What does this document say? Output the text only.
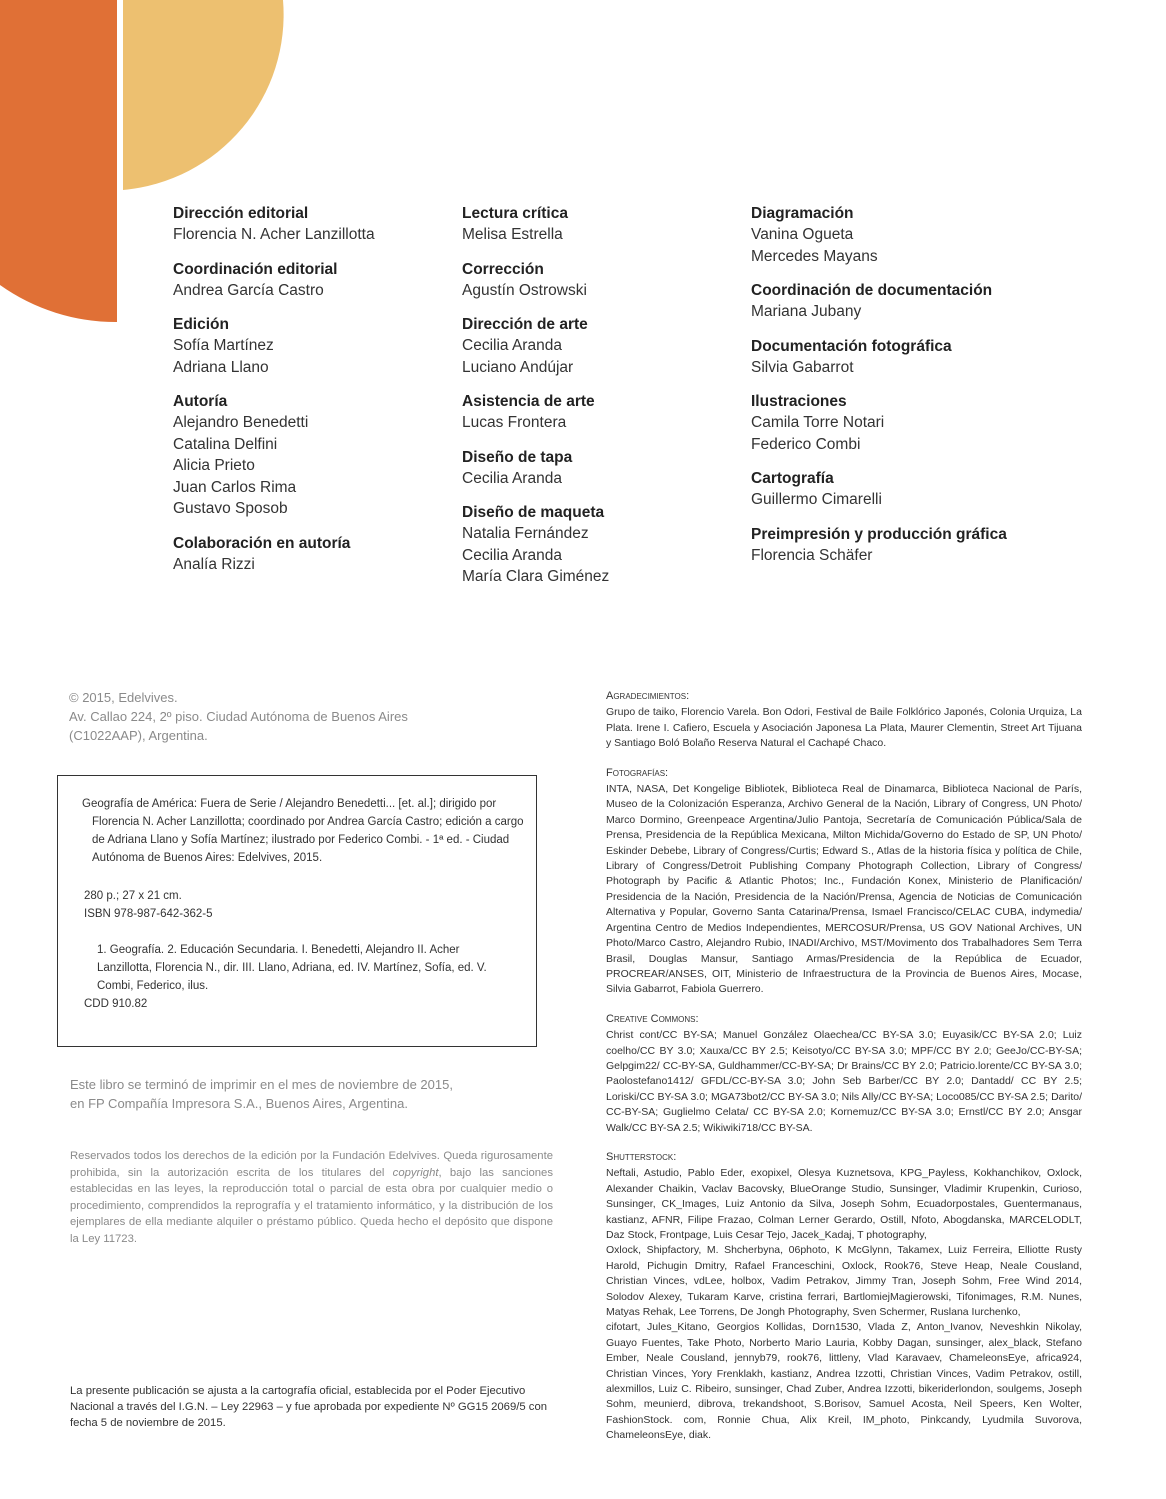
Dirección editorial
Florencia N. Acher Lanzillotta
Coordinación editorial
Andrea García Castro
Edición
Sofía Martínez
Adriana Llano
Autoría
Alejandro Benedetti
Catalina Delfini
Alicia Prieto
Juan Carlos Rima
Gustavo Sposob
Colaboración en autoría
Analía Rizzi
Lectura crítica
Melisa Estrella
Corrección
Agustín Ostrowski
Dirección de arte
Cecilia Aranda
Luciano Andújar
Asistencia de arte
Lucas Frontera
Diseño de tapa
Cecilia Aranda
Diseño de maqueta
Natalia Fernández
Cecilia Aranda
María Clara Giménez
Diagramación
Vanina Ogueta
Mercedes Mayans
Coordinación de documentación
Mariana Jubany
Documentación fotográfica
Silvia Gabarrot
Ilustraciones
Camila Torre Notari
Federico Combi
Cartografía
Guillermo Cimarelli
Preimpresión y producción gráfica
Florencia Schäfer
© 2015, Edelvives.
Av. Callao 224, 2º piso. Ciudad Autónoma de Buenos Aires
(C1022AAP), Argentina.
Geografía de América: Fuera de Serie / Alejandro Benedetti... [et. al.]; dirigido por Florencia N. Acher Lanzillotta; coordinado por Andrea García Castro; edición a cargo de Adriana Llano y Sofía Martínez; ilustrado por Federico Combi. - 1ª ed. - Ciudad Autónoma de Buenos Aires: Edelvives, 2015.
280 p.; 27 x 21 cm.
ISBN 978-987-642-362-5
1. Geografía. 2. Educación Secundaria. I. Benedetti, Alejandro II. Acher Lanzillotta, Florencia N., dir. III. Llano, Adriana, ed. IV. Martínez, Sofía, ed. V. Combi, Federico, ilus.
CDD 910.82
Este libro se terminó de imprimir en el mes de noviembre de 2015,
en FP Compañía Impresora S.A., Buenos Aires, Argentina.
Reservados todos los derechos de la edición por la Fundación Edelvives. Queda rigurosamente prohibida, sin la autorización escrita de los titulares del copyright, bajo las sanciones establecidas en las leyes, la reproducción total o parcial de esta obra por cualquier medio o procedimiento, comprendidos la reprografía y el tratamiento informático, y la distribución de los ejemplares de ella mediante alquiler o préstamo público. Queda hecho el depósito que dispone la Ley 11723.
La presente publicación se ajusta a la cartografía oficial, establecida por el Poder Ejecutivo Nacional a través del I.G.N. – Ley 22963 – y fue aprobada por expediente Nº GG15 2069/5 con fecha 5 de noviembre de 2015.
Agradecimientos:
Grupo de taiko, Florencio Varela. Bon Odori, Festival de Baile Folklórico Japonés, Colonia Urquiza, La Plata. Irene I. Cafiero, Escuela y Asociación Japonesa La Plata, Maurer Clementin, Street Art Tijuana y Santiago Boló Bolaño Reserva Natural el Cachapé Chaco.
Fotografías:
INTA, NASA, Det Kongelige Bibliotek, Biblioteca Real de Dinamarca, Biblioteca Nacional de París, Museo de la Colonización Esperanza, Archivo General de la Nación, Library of Congress, UN Photo/ Marco Dormino, Greenpeace Argentina/Julio Pantoja, Secretaría de Comunicación Pública/Sala de Prensa, Presidencia de la República Mexicana, Milton Michida/Governo do Estado de SP, UN Photo/ Eskinder Debebe, Library of Congress/Curtis; Edward S., Atlas de la historia física y política de Chile, Library of Congress/Detroit Publishing Company Photograph Collection, Library of Congress/ Photograph by Pacific & Atlantic Photos; Inc., Fundación Konex, Ministerio de Planificación/ Presidencia de la Nación, Presidencia de la Nación/Prensa, Agencia de Noticias de Comunicación Alternativa y Popular, Governo Santa Catarina/Prensa, Ismael Francisco/CELAC CUBA, indymedia/ Argentina Centro de Medios Independientes, MERCOSUR/Prensa, US GOV National Archives, UN Photo/Marco Castro, Alejandro Rubio, INADI/Archivo, MST/Movimento dos Trabalhadores Sem Terra Brasil, Douglas Mansur, Santiago Armas/Presidencia de la República de Ecuador, PROCREAR/ANSES, OIT, Ministerio de Infraestructura de la Provincia de Buenos Aires, Mocase, Silvia Gabarrot, Fabiola Guerrero.
Creative Commons:
Christ cont/CC BY-SA; Manuel González Olaechea/CC BY-SA 3.0; Euyasik/CC BY-SA 2.0; Luiz coelho/CC BY 3.0; Xauxa/CC BY 2.5; Keisotyo/CC BY-SA 3.0; MPF/CC BY 2.0; GeeJo/CC-BY-SA; Gelpgim22/ CC-BY-SA, Guldhammer/CC-BY-SA; Dr Brains/CC BY 2.0; Patricio.lorente/CC BY-SA 3.0; Paolostefano1412/ GFDL/CC-BY-SA 3.0; John Seb Barber/CC BY 2.0; Dantadd/ CC BY 2.5; Loriski/CC BY-SA 3.0; MGA73bot2/CC BY-SA 3.0; Nils Ally/CC BY-SA; Loco085/CC BY-SA 2.5; Darito/ CC-BY-SA; Guglielmo Celata/ CC BY-SA 2.0; Kornemuz/CC BY-SA 3.0; Ernstl/CC BY 2.0; Ansgar Walk/CC BY-SA 2.5; Wikiwiki718/CC BY-SA.
Shutterstock:
Neftali, Astudio, Pablo Eder, exopixel, Olesya Kuznetsova, KPG_Payless, Kokhanchikov, Oxlock, Alexander Chaikin, Vaclav Bacovsky, BlueOrange Studio, Sunsinger, Vladimir Krupenkin, Curioso, Sunsinger, CK_Images, Luiz Antonio da Silva, Joseph Sohm, Ecuadorpostales, Guentermanaus, kastianz, AFNR, Filipe Frazao, Colman Lerner Gerardo, Ostill, Nfoto, Abogdanska, MARCELODLT, Daz Stock, Frontpage, Luis Cesar Tejo, Jacek_Kadaj, T photography,
Oxlock, Shipfactory, M. Shcherbyna, 06photo, K McGlynn, Takamex, Luiz Ferreira, Elliotte Rusty Harold, Pichugin Dmitry, Rafael Franceschini, Oxlock, Rook76, Steve Heap, Neale Cousland, Christian Vinces, vdLee, holbox, Vadim Petrakov, Jimmy Tran, Joseph Sohm, Free Wind 2014, Solodov Alexey, Tukaram Karve, cristina ferrari, BartlomiejMagierowski, Tifonimages, R.M. Nunes, Matyas Rehak, Lee Torrens, De Jongh Photography, Sven Schermer, Ruslana Iurchenko,
cifotart, Jules_Kitano, Georgios Kollidas, Dorn1530, Vlada Z, Anton_Ivanov, Neveshkin Nikolay, Guayo Fuentes, Take Photo, Norberto Mario Lauria, Kobby Dagan, sunsinger, alex_black, Stefano Ember, Neale Cousland, jennyb79, rook76, littleny, Vlad Karavaev, ChameleonsEye, africa924, Christian Vinces, Yory Frenklakh, kastianz, Andrea Izzotti, Christian Vinces, Vadim Petrakov, ostill, alexmillos, Luiz C. Ribeiro, sunsinger, Chad Zuber, Andrea Izzotti, bikeriderlondon, soulgems, Joseph Sohm, meunierd, dibrova, trekandshoot, S.Borisov, Samuel Acosta, Neil Speers, Ken Wolter, FashionStock. com, Ronnie Chua, Alix Kreil, IM_photo, Pinkcandy, Lyudmila Suvorova, ChameleonsEye, diak.
